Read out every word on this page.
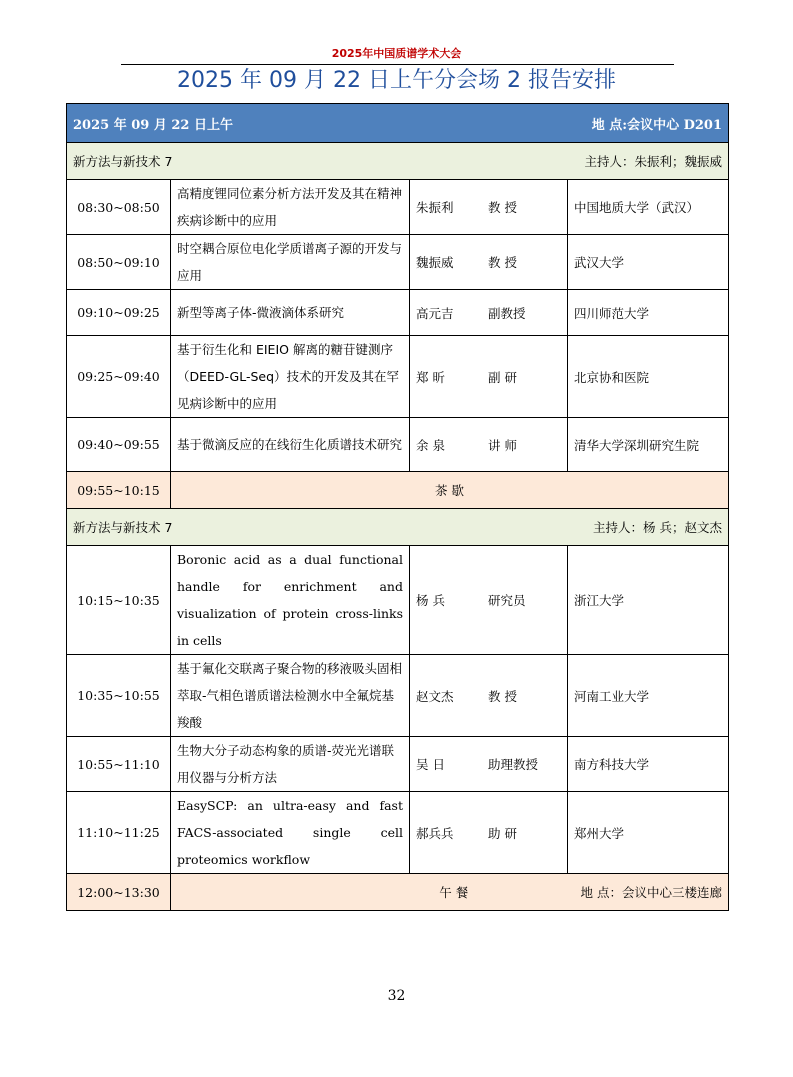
2025年中国质谱学术大会
2025 年 09 月 22 日上午分会场 2 报告安排
2025 年 09 月 22 日上午 地 点:会议中心 D201			

新方法与新技术 7 主持人：朱振利；魏振威			

08:30~08:50	高精度锂同位素分析方法开发及其在精神疾病诊断中的应用	朱振利 教 授	中国地质大学（武汉）
08:50~09:10	时空耦合原位电化学质谱离子源的开发与应用	魏振威 教 授	武汉大学
09:10~09:25	新型等离子体-微液滴体系研究	高元吉 副教授	四川师范大学
09:25~09:40	基于衍生化和 EIEIO 解离的糖苷键测序（DEED-GL-Seq）技术的开发及其在罕见病诊断中的应用	郑 昕 副 研	北京协和医院
09:40~09:55	基于微滴反应的在线衍生化质谱技术研究	余 泉 讲 师	清华大学深圳研究生院
09:55~10:15	茶 歇		

新方法与新技术 7 主持人：杨 兵；赵文杰			

10:15~10:35	Boronic acid as a dual functional handle for enrichment and visualization of protein cross-links in cells	杨 兵 研究员	浙江大学
10:35~10:55	基于氟化交联离子聚合物的移液吸头固相萃取-气相色谱质谱法检测水中全氟烷基羧酸	赵文杰 教 授	河南工业大学
10:55~11:10	生物大分子动态构象的质谱-荧光光谱联用仪器与分析方法	吴 日 助理教授	南方科技大学
11:10~11:25	EasySCP: an ultra-easy and fast FACS-associated single cell proteomics workflow	郝兵兵 助 研	郑州大学
12:00~13:30	午 餐 地 点：会议中心三楼连廊		
32
